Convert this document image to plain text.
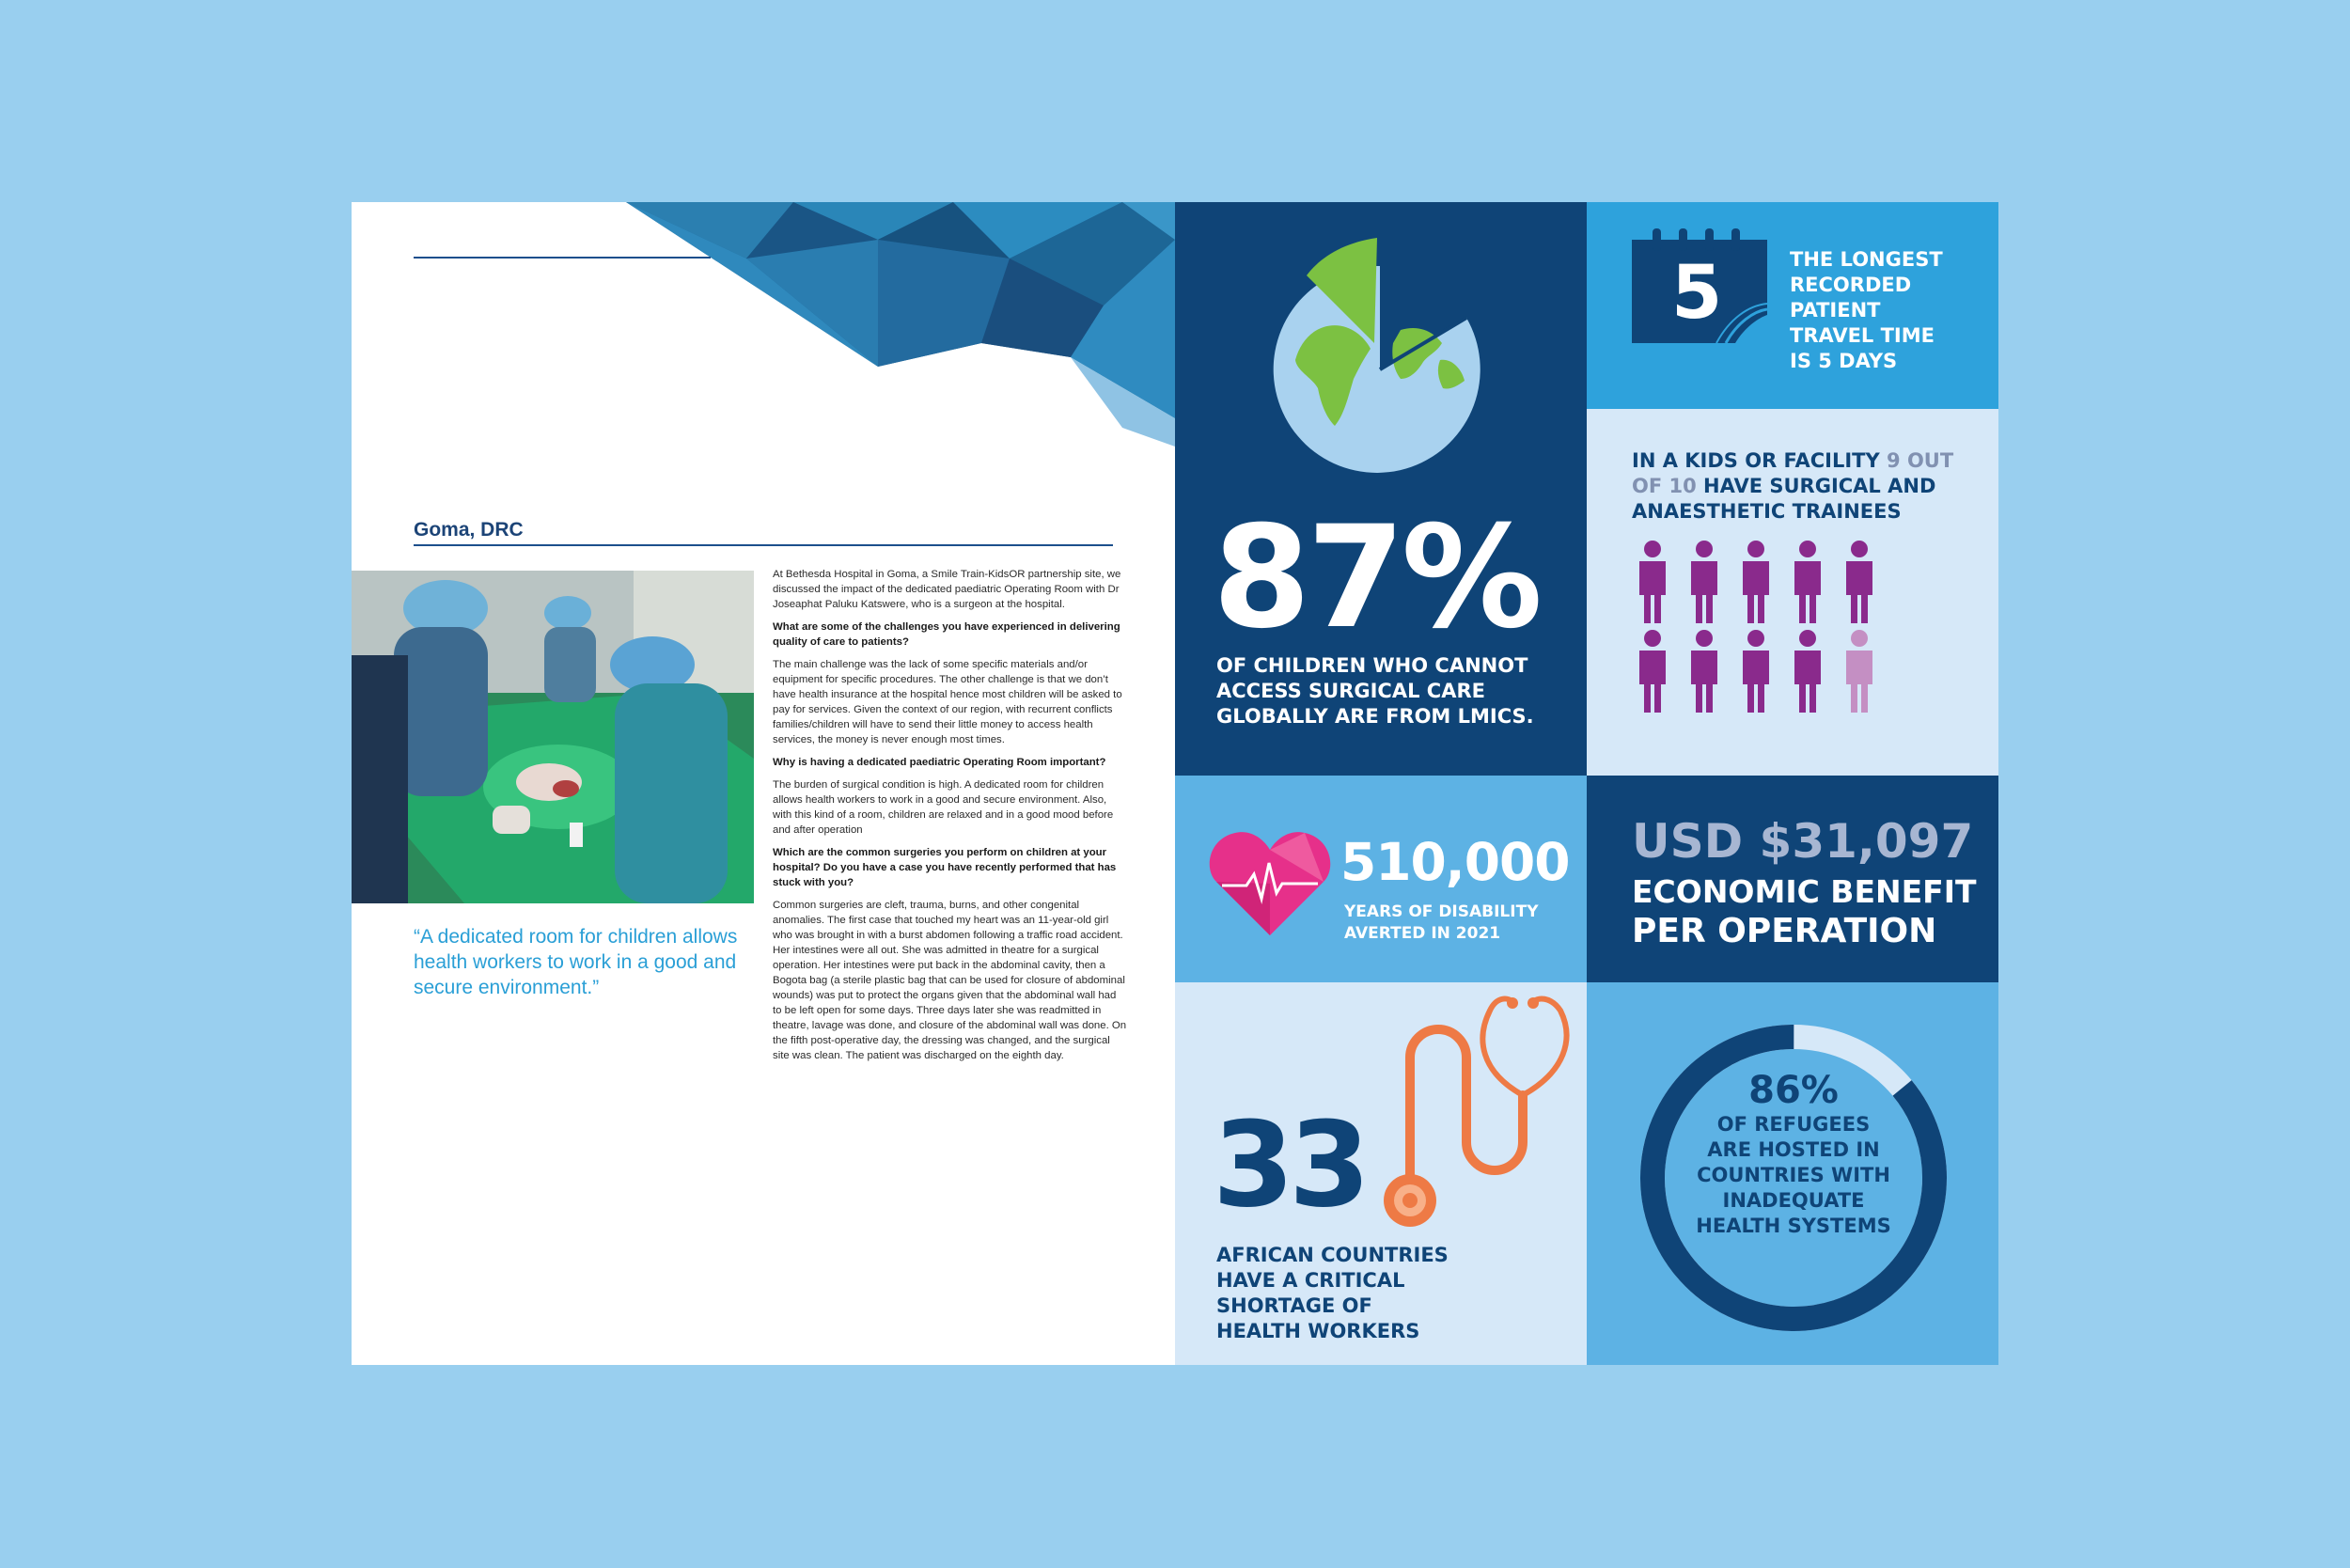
Goma, DRC
“A dedicated room for children allows health workers to work in a good and secure environment.”

At Bethesda Hospital in Goma, a Smile Train-KidsOR partnership site, we discussed the impact of the dedicated paediatric Operating Room with Dr Joseaphat Paluku Katswere, who is a surgeon at the hospital.

What are some of the challenges you have experienced in delivering quality of care to patients?

The main challenge was the lack of some specific materials and/or equipment for specific procedures. The other challenge is that we don’t have health insurance at the hospital hence most children will be asked to pay for services. Given the context of our region, with recurrent conflicts families/children will have to send their little money to access health services, the money is never enough most times.

Why is having a dedicated paediatric Operating Room important?

The burden of surgical condition is high. A dedicated room for children allows health workers to work in a good and secure environment. Also, with this kind of a room, children are relaxed and in a good mood before and after operation

Which are the common surgeries you perform on children at your hospital? Do you have a case you have recently performed that has stuck with you?

Common surgeries are cleft, trauma, burns, and other congenital anomalies. The first case that touched my heart was an 11-year-old girl who was brought in with a burst abdomen following a traffic road accident. Her intestines were all out. She was admitted in theatre for a surgical operation. Her intestines were put back in the abdominal cavity, then a Bogota bag (a sterile plastic bag that can be used for closure of abdominal wounds) was put to protect the organs given that the abdominal wall had to be left open for some days. Three days later she was readmitted in theatre, lavage was done, and closure of the abdominal wall was done. On the fifth post-operative day, the dressing was changed, and the surgical site was clean. The patient was discharged on the eighth day.

87%
OF CHILDREN WHO CANNOT
ACCESS SURGICAL CARE
GLOBALLY ARE FROM LMICS.
5	THE LONGEST
RECORDED
PATIENT
TRAVEL TIME
IS 5 DAYS
IN A KIDS OR FACILITY 9 OUT
OF 10 HAVE SURGICAL AND
ANAESTHETIC TRAINEES
510,000
YEARS OF DISABILITY
AVERTED IN 2021
USD $31,097
ECONOMIC BENEFIT
PER OPERATION
33
AFRICAN COUNTRIES
HAVE A CRITICAL
SHORTAGE OF
HEALTH WORKERS
86%
OF REFUGEES
ARE HOSTED IN
COUNTRIES WITH
INADEQUATE
HEALTH SYSTEMS
